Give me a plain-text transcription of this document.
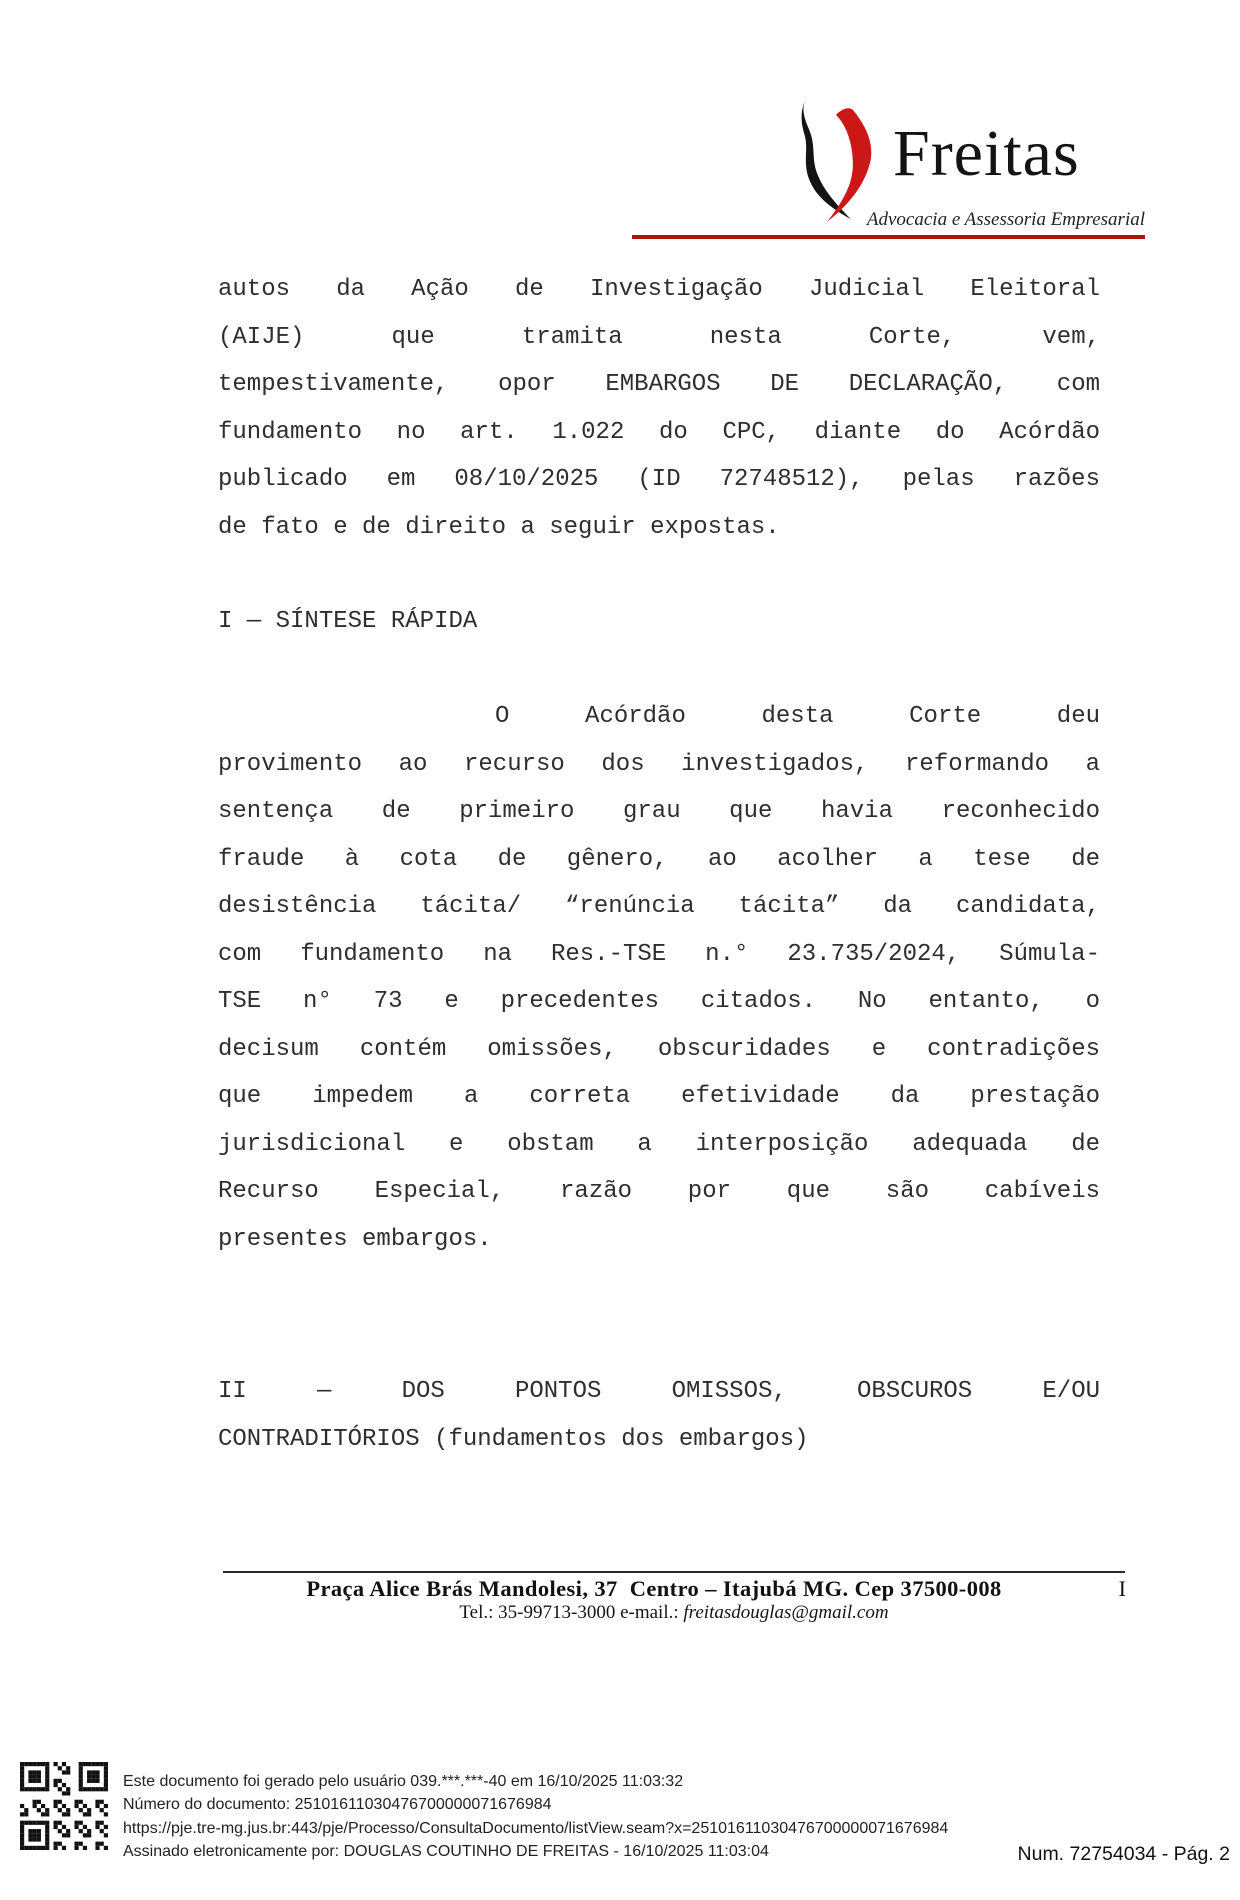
Freitas
Advocacia e Assessoria Empresarial
autos da Ação de Investigação Judicial Eleitoral
(AIJE) que tramita nesta Corte, vem,
tempestivamente, opor EMBARGOS DE DECLARAÇÃO, com
fundamento no art. 1.022 do CPC, diante do Acórdão
publicado em 08/10/2025 (ID 72748512), pelas razões
de fato e de direito a seguir expostas.
I — SÍNTESE RÁPIDA
O Acórdão desta Corte deu
provimento ao recurso dos investigados, reformando a
sentença de primeiro grau que havia reconhecido
fraude à cota de gênero, ao acolher a tese de
desistência tácita/ “renúncia tácita” da candidata,
com fundamento na Res.-TSE n.° 23.735/2024, Súmula-
TSE n° 73 e precedentes citados. No entanto, o
decisum contém omissões, obscuridades e contradições
que impedem a correta efetividade da prestação
jurisdicional e obstam a interposição adequada de
Recurso Especial, razão por que são cabíveis
presentes embargos.
II — DOS PONTOS OMISSOS, OBSCUROS E/OU
CONTRADITÓRIOS (fundamentos dos embargos)
Praça Alice Brás Mandolesi, 37  Centro – Itajubá MG. Cep 37500-008	I
Tel.: 35-99713-3000 e-mail.: freitasdouglas@gmail.com
Este documento foi gerado pelo usuário 039.***.***-40 em 16/10/2025 11:03:32
Número do documento: 25101611030476700000071676984
https://pje.tre-mg.jus.br:443/pje/Processo/ConsultaDocumento/listView.seam?x=25101611030476700000071676984
Assinado eletronicamente por: DOUGLAS COUTINHO DE FREITAS - 16/10/2025 11:03:04	Num. 72754034 - Pág. 2
